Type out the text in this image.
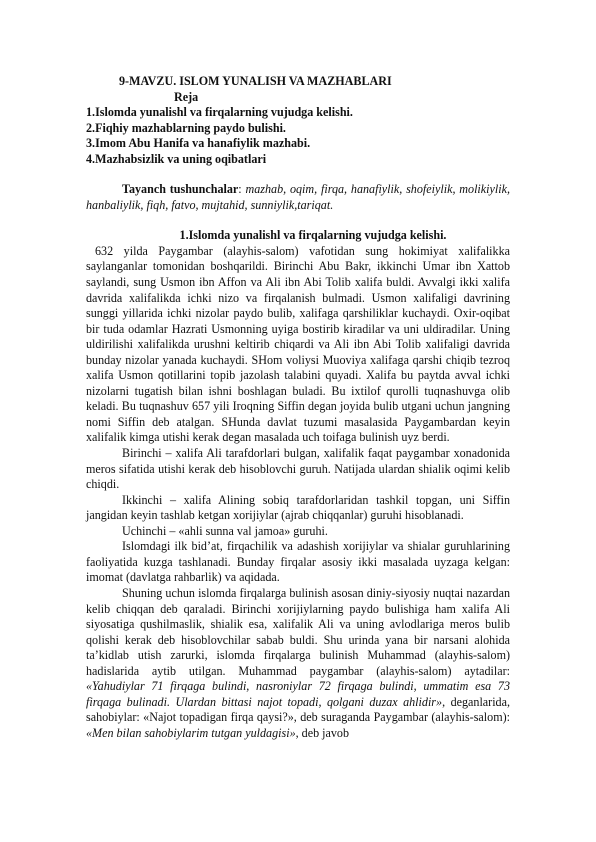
9-MAVZU. ISLOM YUNALISH VA MAZHABLARI

Reja

1.Islomda yunalishl va firqalarning vujudga kelishi.

2.Fiqhiy mazhablarning paydo bulishi.

3.Imom Abu Hanifa va hanafiylik mazhabi.

4.Mazhabsizlik va uning oqibatlari

Tayanch tushunchalar: mazhab, oqim, firqa, hanafiylik, shofeiylik, molikiylik, hanbaliylik, fiqh, fatvo, mujtahid, sunniylik,tariqat.

1.Islomda yunalishl va firqalarning vujudga kelishi.

632 yilda Paygambar (alayhis-salom) vafotidan sung hokimiyat xalifalikka saylanganlar tomonidan boshqarildi. Birinchi Abu Bakr, ikkinchi Umar ibn Xattob saylandi, sung Usmon ibn Affon va Ali ibn Abi Tolib xalifa buldi. Avvalgi ikki xalifa davrida xalifalikda ichki nizo va firqalanish bulmadi. Usmon xalifaligi davrining sunggi yillarida ichki nizolar paydo bulib, xalifaga qarshiliklar kuchaydi. Oxir-oqibat bir tuda odamlar Hazrati Usmonning uyiga bostirib kiradilar va uni uldiradilar. Uning uldirilishi xalifalikda urushni keltirib chiqardi va Ali ibn Abi Tolib xalifaligi davrida bunday nizolar yanada kuchaydi. SHom voliysi Muoviya xalifaga qarshi chiqib tezroq xalifa Usmon qotillarini topib jazolash talabini quyadi. Xalifa bu paytda avval ichki nizolarni tugatish bilan ishni boshlagan buladi. Bu ixtilof qurolli tuqnashuvga olib keladi. Bu tuqnashuv 657 yili Iroqning Siffin degan joyida bulib utgani uchun jangning nomi Siffin deb atalgan. SHunda davlat tuzumi masalasida Paygambardan keyin xalifalik kimga utishi kerak degan masalada uch toifaga bulinish uyz berdi.

Birinchi – xalifa Ali tarafdorlari bulgan, xalifalik faqat paygambar xonadonida meros sifatida utishi kerak deb hisoblovchi guruh. Natijada ulardan shialik oqimi kelib chiqdi.

Ikkinchi – xalifa Alining sobiq tarafdorlaridan tashkil topgan, uni Siffin jangidan keyin tashlab ketgan xorijiylar (ajrab chiqqanlar) guruhi hisoblanadi.

Uchinchi – «ahli sunna val jamoa» guruhi.

Islomdagi ilk bid’at, firqachilik va adashish xorijiylar va shialar guruhlarining faoliyatida kuzga tashlanadi. Bunday firqalar asosiy ikki masalada uyzaga kelgan: imomat (davlatga rahbarlik) va aqidada.

Shuning uchun islomda firqalarga bulinish asosan diniy-siyosiy nuqtai nazardan kelib chiqqan deb qaraladi. Birinchi xorijiylarning paydo bulishiga ham xalifa Ali siyosatiga qushilmaslik, shialik esa, xalifalik Ali va uning avlodlariga meros bulib qolishi kerak deb hisoblovchilar sabab buldi. Shu urinda yana bir narsani alohida ta’kidlab utish zarurki, islomda firqalarga bulinish Muhammad (alayhis-salom) hadislarida aytib utilgan. Muhammad paygambar (alayhis-salom) aytadilar: «Yahudiylar 71 firqaga bulindi, nasroniylar 72 firqaga bulindi, ummatim esa 73 firqaga bulinadi. Ulardan bittasi najot topadi, qolgani duzax ahlidir», deganlarida, sahobiylar: «Najot topadigan firqa qaysi?», deb suraganda Paygambar (alayhis-salom): «Men bilan sahobiylarim tutgan yuldagisi», deb javob
